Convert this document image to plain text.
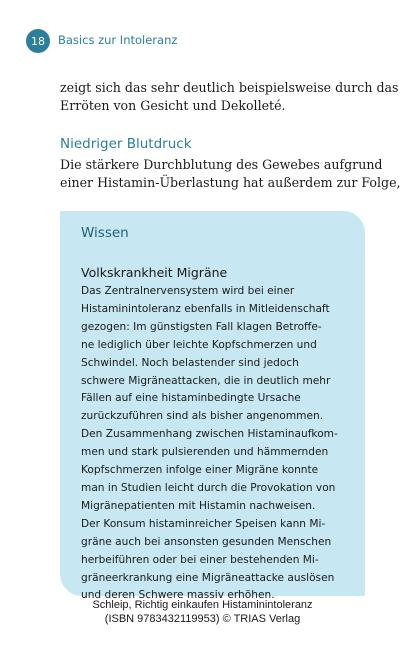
18 Basics zur Intoleranz
zeigt sich das sehr deutlich beispielsweise durch das
Erröten von Gesicht und Dekolleté.
Niedriger Blutdruck
Die stärkere Durchblutung des Gewebes aufgrund
einer Histamin-Überlastung hat außerdem zur Folge,
Wissen
Volkskrankheit Migräne
Das Zentralnervensystem wird bei einer
Histaminintoleranz ebenfalls in Mitleidenschaft
gezogen: Im günstigsten Fall klagen Betroffe-
ne lediglich über leichte Kopfschmerzen und
Schwindel. Noch belastender sind jedoch
schwere Migräneattacken, die in deutlich mehr
Fällen auf eine histaminbedingte Ursache
zurückzuführen sind als bisher angenommen.
Den Zusammenhang zwischen Histaminaufkom-
men und stark pulsierenden und hämmernden
Kopfschmerzen infolge einer Migräne konnte
man in Studien leicht durch die Provokation von
Migränepatienten mit Histamin nachweisen.
Der Konsum histaminreicher Speisen kann Mi-
gräne auch bei ansonsten gesunden Menschen
herbeiführen oder bei einer bestehenden Mi-
gräneerkrankung eine Migräneattacke auslösen
und deren Schwere massiv erhöhen.
Schleip, Richtig einkaufen Histaminintoleranz
(ISBN 9783432119953) © TRIAS Verlag
